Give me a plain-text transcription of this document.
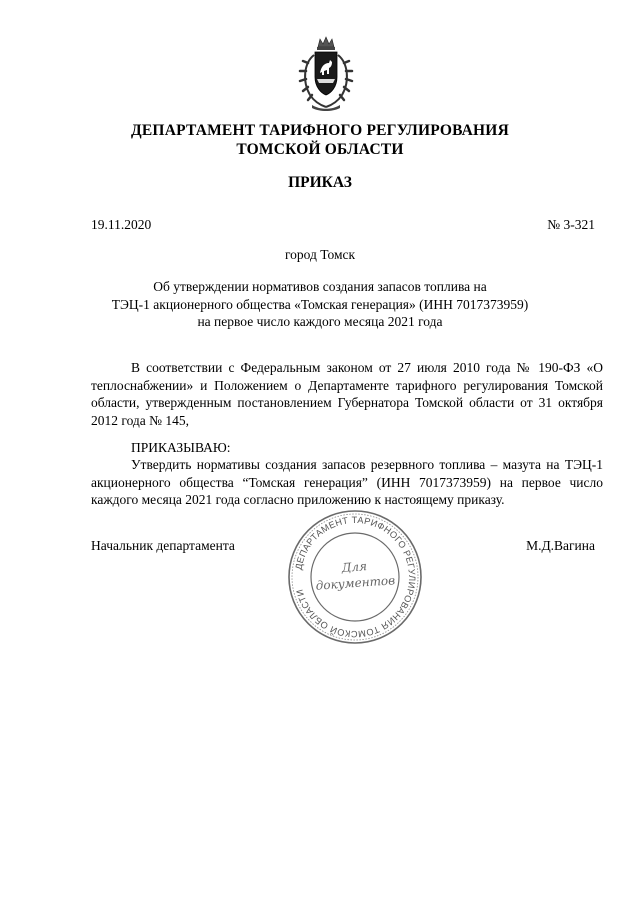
ДЕПАРТАМЕНТ ТАРИФНОГО РЕГУЛИРОВАНИЯ
ТОМСКОЙ ОБЛАСТИ
ПРИКАЗ
19.11.2020	№ 3-321
город Томск
Об утверждении нормативов создания запасов топлива на
ТЭЦ-1 акционерного общества «Томская генерация» (ИНН 7017373959)
на первое число каждого месяца 2021 года

В соответствии с Федеральным законом от 27 июля 2010 года № 190-ФЗ «О теплоснабжении» и Положением о Департаменте тарифного регулирования Томской области, утвержденным постановлением Губернатора Томской области от 31 октября 2012 года № 145,

ПРИКАЗЫВАЮ:

Утвердить нормативы создания запасов резервного топлива – мазута на ТЭЦ-1 акционерного общества “Томская генерация” (ИНН 7017373959) на первое число каждого месяца 2021 года согласно приложению к настоящему приказу.

Начальник департамента	М.Д.Вагина
ДЕПАРТАМЕНТ ТАРИФНОГО РЕГУЛИРОВАНИЯ ТОМСКОЙ ОБЛАСТИ
Для
документов
